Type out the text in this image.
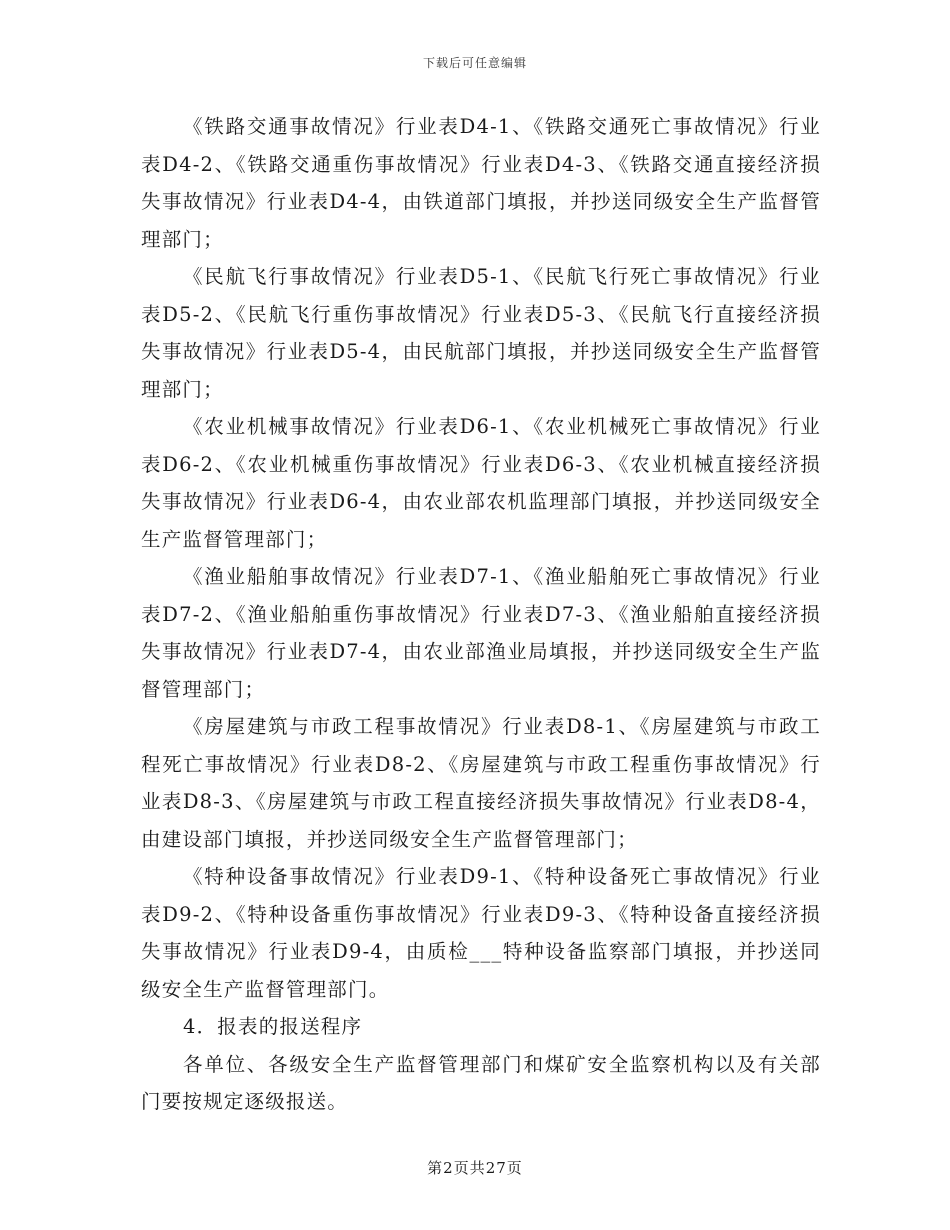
下载后可任意编辑

《铁路交通事故情况》行业表D4-1、《铁路交通死亡事故情况》行业表D4-2、《铁路交通重伤事故情况》行业表D4-3、《铁路交通直接经济损失事故情况》行业表D4-4，由铁道部门填报，并抄送同级安全生产监督管理部门；

《民航飞行事故情况》行业表D5-1、《民航飞行死亡事故情况》行业表D5-2、《民航飞行重伤事故情况》行业表D5-3、《民航飞行直接经济损失事故情况》行业表D5-4，由民航部门填报，并抄送同级安全生产监督管理部门；

《农业机械事故情况》行业表D6-1、《农业机械死亡事故情况》行业表D6-2、《农业机械重伤事故情况》行业表D6-3、《农业机械直接经济损失事故情况》行业表D6-4，由农业部农机监理部门填报，并抄送同级安全生产监督管理部门；

《渔业船舶事故情况》行业表D7-1、《渔业船舶死亡事故情况》行业表D7-2、《渔业船舶重伤事故情况》行业表D7-3、《渔业船舶直接经济损失事故情况》行业表D7-4，由农业部渔业局填报，并抄送同级安全生产监督管理部门；

《房屋建筑与市政工程事故情况》行业表D8-1、《房屋建筑与市政工程死亡事故情况》行业表D8-2、《房屋建筑与市政工程重伤事故情况》行业表D8-3、《房屋建筑与市政工程直接经济损失事故情况》行业表D8-4，由建设部门填报，并抄送同级安全生产监督管理部门；

《特种设备事故情况》行业表D9-1、《特种设备死亡事故情况》行业表D9-2、《特种设备重伤事故情况》行业表D9-3、《特种设备直接经济损失事故情况》行业表D9-4，由质检___特种设备监察部门填报，并抄送同级安全生产监督管理部门。

4．报表的报送程序

各单位、各级安全生产监督管理部门和煤矿安全监察机构以及有关部门要按规定逐级报送。

第2页共27页
